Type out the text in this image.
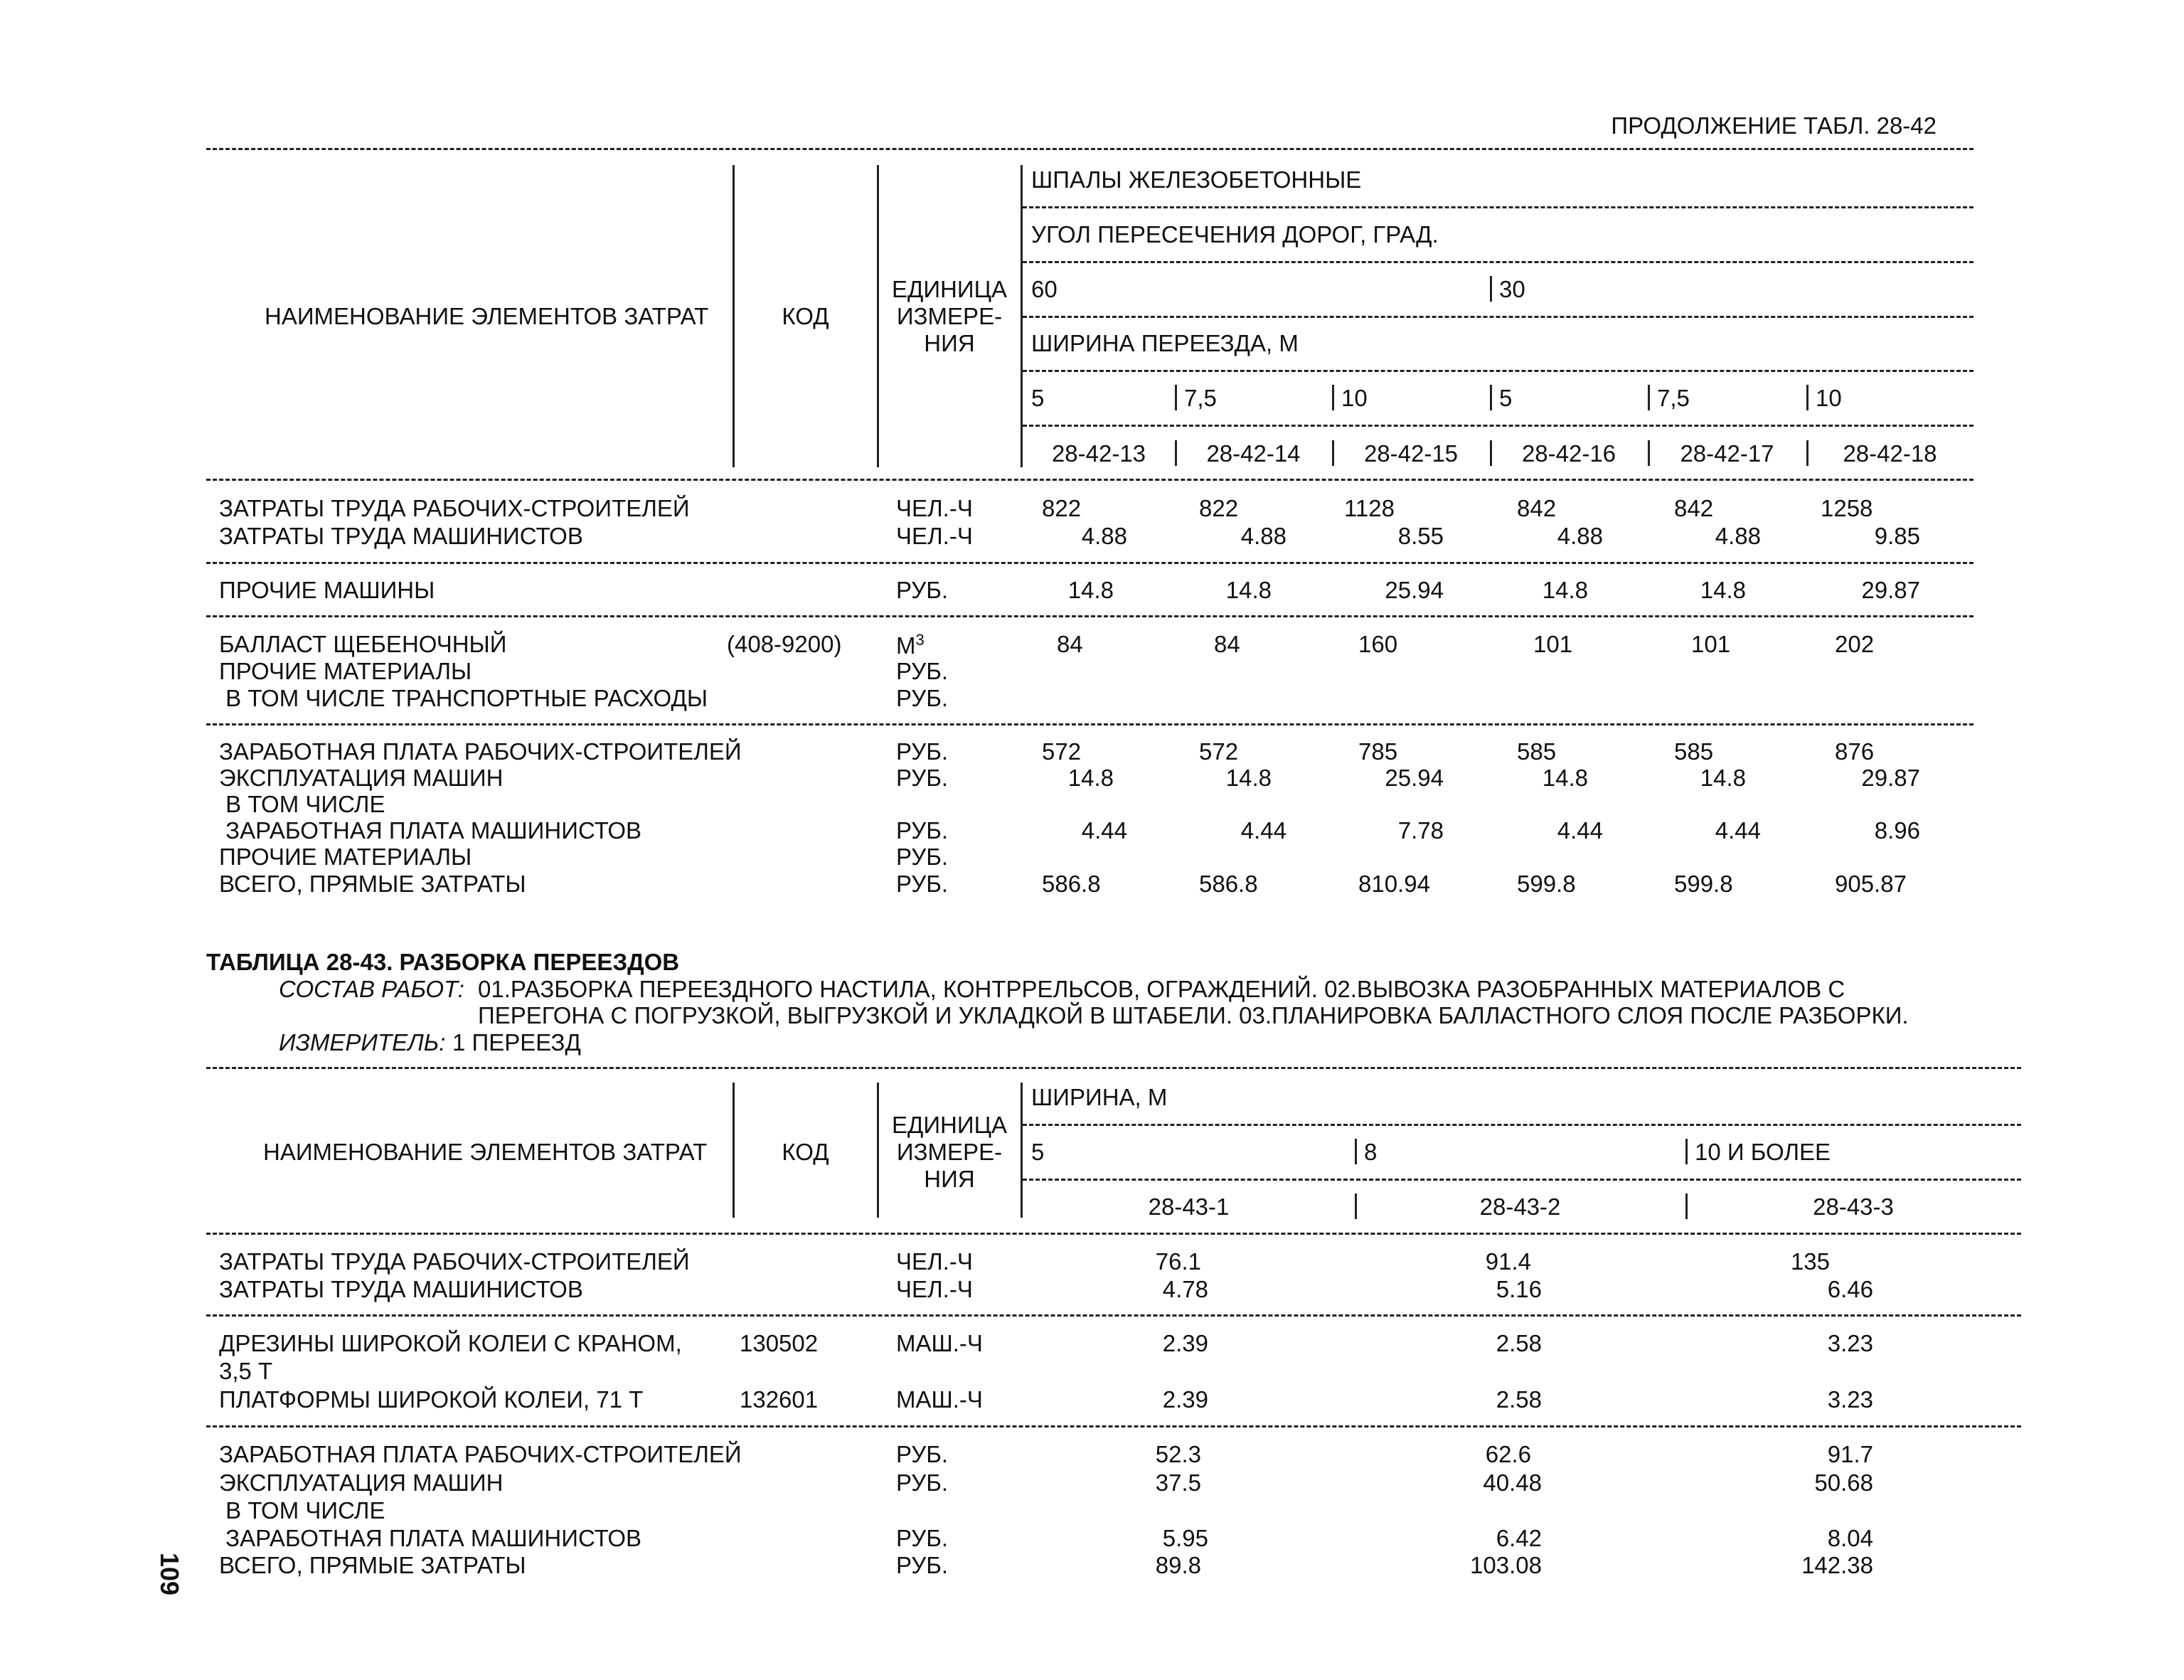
ПРОДОЛЖЕНИЕ ТАБЛ. 28-42
НАИМЕНОВАНИЕ ЭЛЕМЕНТОВ ЗАТРАТ	КОД
ЕДИНИЦА
ИЗМЕРЕ-
НИЯ
ШПАЛЫ ЖЕЛЕЗОБЕТОННЫЕ
УГОЛ ПЕРЕСЕЧЕНИЯ ДОРОГ, ГРАД.
60	30
ШИРИНА ПЕРЕЕЗДА, М
5	7,5	10	5	7,5	10
28-42-13	28-42-14	28-42-15	28-42-16	28-42-17	28-42-18
ЗАТРАТЫ ТРУДА РАБОЧИХ-СТРОИТЕЛЕЙ	ЧЕЛ.-Ч	822	822	1128	842	842	1258
ЗАТРАТЫ ТРУДА МАШИНИСТОВ	ЧЕЛ.-Ч	4.88	4.88	8.55	4.88	4.88	9.85
ПРОЧИЕ МАШИНЫ	РУБ.	14.8	14.8	25.94	14.8	14.8	29.87
БАЛЛАСТ ЩЕБЕНОЧНЫЙ	(408-9200) $М^3$	84	84	160	101	101	202
ПРОЧИЕ МАТЕРИАЛЫ	РУБ.
В ТОМ ЧИСЛЕ ТРАНСПОРТНЫЕ РАСХОДЫ	РУБ.
ЗАРАБОТНАЯ ПЛАТА РАБОЧИХ-СТРОИТЕЛЕЙ	РУБ.	572	572	785	585	585	876
ЭКСПЛУАТАЦИЯ МАШИН	РУБ.	14.8	14.8	25.94	14.8	14.8	29.87
В ТОМ ЧИСЛЕ
ЗАРАБОТНАЯ ПЛАТА МАШИНИСТОВ	РУБ.	4.44	4.44	7.78	4.44	4.44	8.96
ПРОЧИЕ МАТЕРИАЛЫ	РУБ.
ВСЕГО, ПРЯМЫЕ ЗАТРАТЫ	РУБ.	586.8	586.8	810.94	599.8	599.8	905.87
ТАБЛИЦА 28-43. РАЗБОРКА ПЕРЕЕЗДОВ
СОСТАВ РАБОТ: 01.РАЗБОРКА ПЕРЕЕЗДНОГО НАСТИЛА, КОНТРРЕЛЬСОВ, ОГРАЖДЕНИЙ. 02.ВЫВОЗКА РАЗОБРАННЫХ МАТЕРИАЛОВ С
ПЕРЕГОНА С ПОГРУЗКОЙ, ВЫГРУЗКОЙ И УКЛАДКОЙ В ШТАБЕЛИ. 03.ПЛАНИРОВКА БАЛЛАСТНОГО СЛОЯ ПОСЛЕ РАЗБОРКИ.
ИЗМЕРИТЕЛЬ: 1 ПЕРЕЕЗД
НАИМЕНОВАНИЕ ЭЛЕМЕНТОВ ЗАТРАТ	КОД
ЕДИНИЦА
ИЗМЕРЕ-
НИЯ
ШИРИНА, М
5	8	10 И БОЛЕЕ
28-43-1	28-43-2	28-43-3
ЗАТРАТЫ ТРУДА РАБОЧИХ-СТРОИТЕЛЕЙ	ЧЕЛ.-Ч	76.1	91.4	135
ЗАТРАТЫ ТРУДА МАШИНИСТОВ	ЧЕЛ.-Ч	4.78	5.16	6.46
ДРЕЗИНЫ ШИРОКОЙ КОЛЕИ С КРАНОМ, 130502	МАШ.-Ч	2.39	2.58	3.23
3,5 Т
ПЛАТФОРМЫ ШИРОКОЙ КОЛЕИ, 71 Т	132601	МАШ.-Ч	2.39	2.58	3.23
ЗАРАБОТНАЯ ПЛАТА РАБОЧИХ-СТРОИТЕЛЕЙ	РУБ.	52.3	62.6	91.7
ЭКСПЛУАТАЦИЯ МАШИН	РУБ.	37.5	40.48	50.68
В ТОМ ЧИСЛЕ
ЗАРАБОТНАЯ ПЛАТА МАШИНИСТОВ	РУБ.	5.95	6.42	8.04
ВСЕГО, ПРЯМЫЕ ЗАТРАТЫ	РУБ.	89.8	103.08	142.38
109
